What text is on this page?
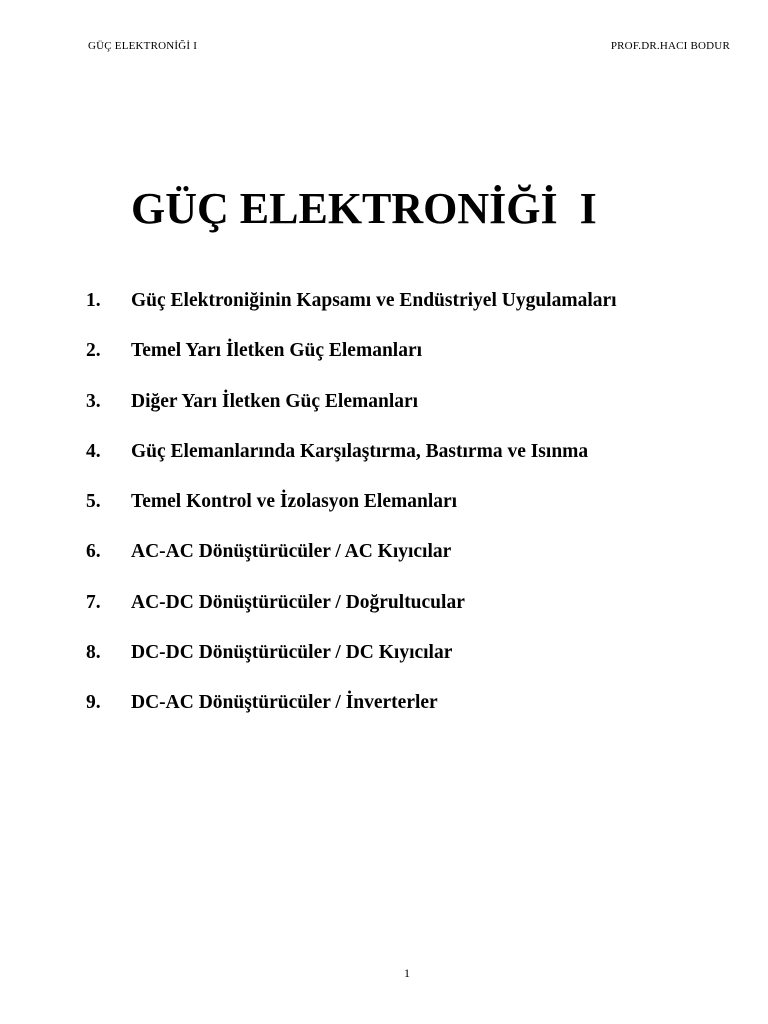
GÜÇ ELEKTRONİĞİ I	PROF.DR.HACI BODUR
GÜÇ ELEKTRONİĞİ  I
1. Güç Elektroniğinin Kapsamı ve Endüstriyel Uygulamaları
2. Temel Yarı İletken Güç Elemanları
3. Diğer Yarı İletken Güç Elemanları
4. Güç Elemanlarında Karşılaştırma, Bastırma ve Isınma
5. Temel Kontrol ve İzolasyon Elemanları
6. AC-AC Dönüştürücüler / AC Kıyıcılar
7. AC-DC Dönüştürücüler / Doğrultucular
8. DC-DC Dönüştürücüler / DC Kıyıcılar
9. DC-AC Dönüştürücüler / İnverterler
1
